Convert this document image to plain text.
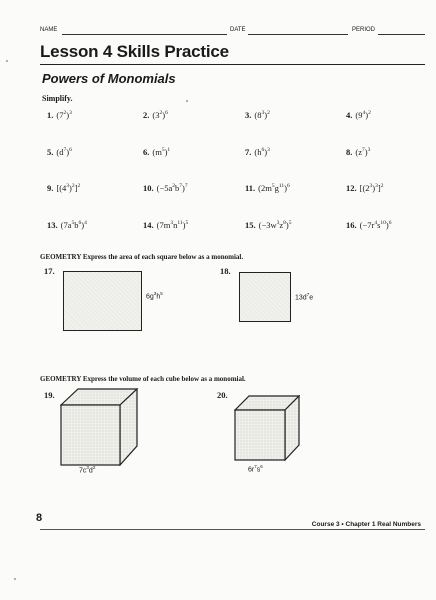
NAME	DATE	PERIOD
Lesson 4 Skills Practice
Powers of Monomials
Simplify.
1. $(7^2)^3$	2. $(3^2)^6$	3. $(8^3)^2$	4. $(9^4)^2$
5. $(d^7)^6$	6. $(m^5)^1$	7. $(h^6)^3$	8. $(z^7)^3$
9. $[(4^3)^2]^2$	10. $(-5a^2b^7)^7$	11. $(2m^5g^{11})^6$	12. $[(2^3)^3]^2$
13. $(7a^5b^6)^4$	14. $(7m^3n^{11})^5$	15. $(-3w^3z^8)^5$	16. $(-7r^4s^{10})^6$
GEOMETRY Express the area of each square below as a monomial.
17.
$6g^3h^5$
18.
$13d^7e$
GEOMETRY Express the volume of each cube below as a monomial.
19.
$7c^3d^2$
20.
$6r^7s^6$
8
Course 3 • Chapter 1 Real Numbers
